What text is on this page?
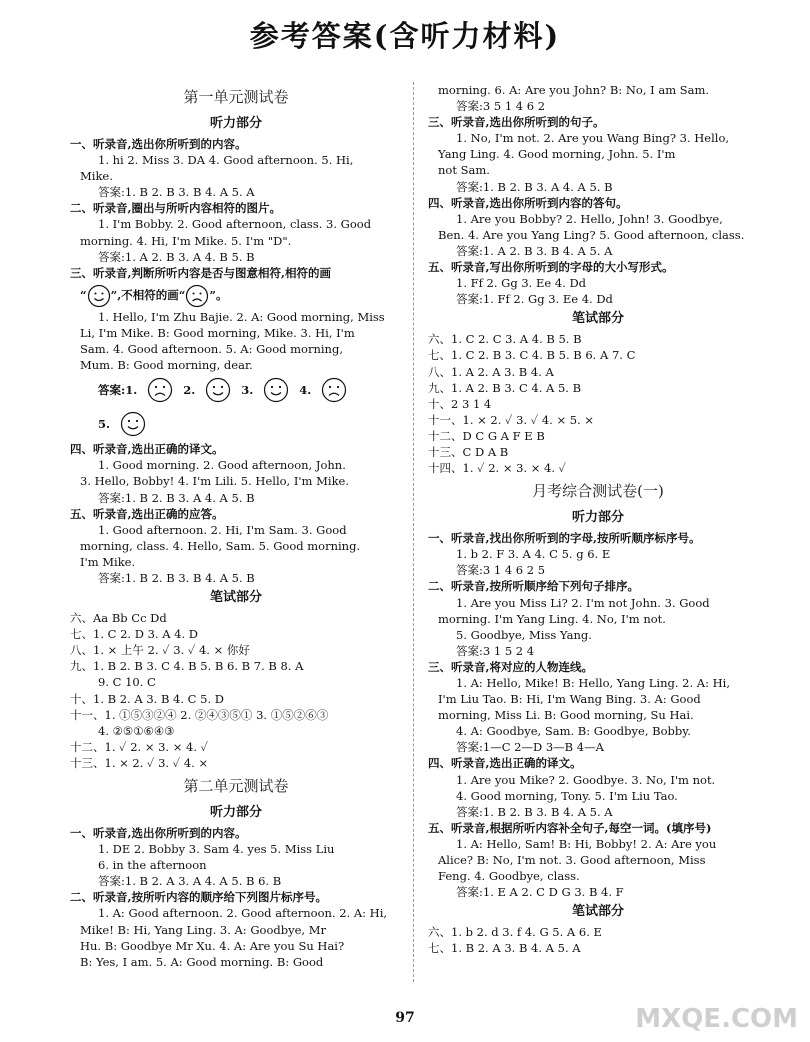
参考答案(含听力材料)
第一单元测试卷
听力部分
一、听录音,选出你所听到的内容。
1. hi 2. Miss 3. DA 4. Good afternoon. 5. Hi,
Mike.
答案:1. B 2. B 3. B 4. A 5. A
二、听录音,圈出与所听内容相符的图片。
1. I'm Bobby. 2. Good afternoon, class. 3. Good
morning. 4. Hi, I'm Mike. 5. I'm "D".
答案:1. A 2. B 3. A 4. B 5. B
三、听录音,判断所听内容是否与图意相符,相符的画
“ ”,不相符的画“ ”。
1. Hello, I'm Zhu Bajie. 2. A: Good morning, Miss
Li, I'm Mike. B: Good morning, Mike. 3. Hi, I'm
Sam. 4. Good afternoon. 5. A: Good morning,
Mum. B: Good morning, dear.
答案:1.	2.	3.	4.
5.
四、听录音,选出正确的译文。
1. Good morning. 2. Good afternoon, John.
3. Hello, Bobby! 4. I'm Lili. 5. Hello, I'm Mike.
答案:1. B 2. B 3. A 4. A 5. B
五、听录音,选出正确的应答。
1. Good afternoon. 2. Hi, I'm Sam. 3. Good
morning, class. 4. Hello, Sam. 5. Good morning.
I'm Mike.
答案:1. B 2. B 3. B 4. A 5. B
笔试部分
六、Aa Bb Cc Dd
七、1. C 2. D 3. A 4. D
八、1. × 上午 2. ✓ 3. ✓ 4. × 你好
九、1. B 2. B 3. C 4. B 5. B 6. B 7. B 8. A
9. C 10. C
十、1. B 2. A 3. B 4. C 5. D
十一、1. ①⑤③②④ 2. ②④③⑤① 3. ①⑤②⑥③
4. ②⑤①⑥④③
十二、1. ✓ 2. × 3. × 4. ✓
十三、1. × 2. ✓ 3. ✓ 4. ×
第二单元测试卷
听力部分
一、听录音,选出你所听到的内容。
1. DE 2. Bobby 3. Sam 4. yes 5. Miss Liu
6. in the afternoon
答案:1. B 2. A 3. A 4. A 5. B 6. B
二、听录音,按所听内容的顺序给下列图片标序号。
1. A: Good afternoon. 2. Good afternoon. 2. A: Hi,
Mike! B: Hi, Yang Ling. 3. A: Goodbye, Mr
Hu. B: Goodbye Mr Xu. 4. A: Are you Su Hai?
B: Yes, I am. 5. A: Good morning. B: Good
morning. 6. A: Are you John? B: No, I am Sam.
答案:3 5 1 4 6 2
三、听录音,选出你所听到的句子。
1. No, I'm not. 2. Are you Wang Bing? 3. Hello,
Yang Ling. 4. Good morning, John. 5. I'm
not Sam.
答案:1. B 2. B 3. A 4. A 5. B
四、听录音,选出你所听到内容的答句。
1. Are you Bobby? 2. Hello, John! 3. Goodbye,
Ben. 4. Are you Yang Ling? 5. Good afternoon, class.
答案:1. A 2. B 3. B 4. A 5. A
五、听录音,写出你所听到的字母的大小写形式。
1. Ff 2. Gg 3. Ee 4. Dd
答案:1. Ff 2. Gg 3. Ee 4. Dd
笔试部分
六、1. C 2. C 3. A 4. B 5. B
七、1. C 2. B 3. C 4. B 5. B 6. A 7. C
八、1. A 2. A 3. B 4. A
九、1. A 2. B 3. C 4. A 5. B
十、2 3 1 4
十一、1. × 2. ✓ 3. ✓ 4. × 5. ×
十二、D C G A F E B
十三、C D A B
十四、1. ✓ 2. × 3. × 4. ✓
月考综合测试卷(一)
听力部分
一、听录音,找出你所听到的字母,按所听顺序标序号。
1. b 2. F 3. A 4. C 5. g 6. E
答案:3 1 4 6 2 5
二、听录音,按所听顺序给下列句子排序。
1. Are you Miss Li? 2. I'm not John. 3. Good
morning. I'm Yang Ling. 4. No, I'm not.
5. Goodbye, Miss Yang.
答案:3 1 5 2 4
三、听录音,将对应的人物连线。
1. A: Hello, Mike! B: Hello, Yang Ling. 2. A: Hi,
I'm Liu Tao. B: Hi, I'm Wang Bing. 3. A: Good
morning, Miss Li. B: Good morning, Su Hai.
4. A: Goodbye, Sam. B: Goodbye, Bobby.
答案:1—C 2—D 3—B 4—A
四、听录音,选出正确的译文。
1. Are you Mike? 2. Goodbye. 3. No, I'm not.
4. Good morning, Tony. 5. I'm Liu Tao.
答案:1. B 2. B 3. B 4. A 5. A
五、听录音,根据所听内容补全句子,每空一词。(填序号)
1. A: Hello, Sam! B: Hi, Bobby! 2. A: Are you
Alice? B: No, I'm not. 3. Good afternoon, Miss
Feng. 4. Goodbye, class.
答案:1. E A 2. C D G 3. B 4. F
笔试部分
六、1. b 2. d 3. f 4. G 5. A 6. E
七、1. B 2. A 3. B 4. A 5. A
97	MXQE.COM
